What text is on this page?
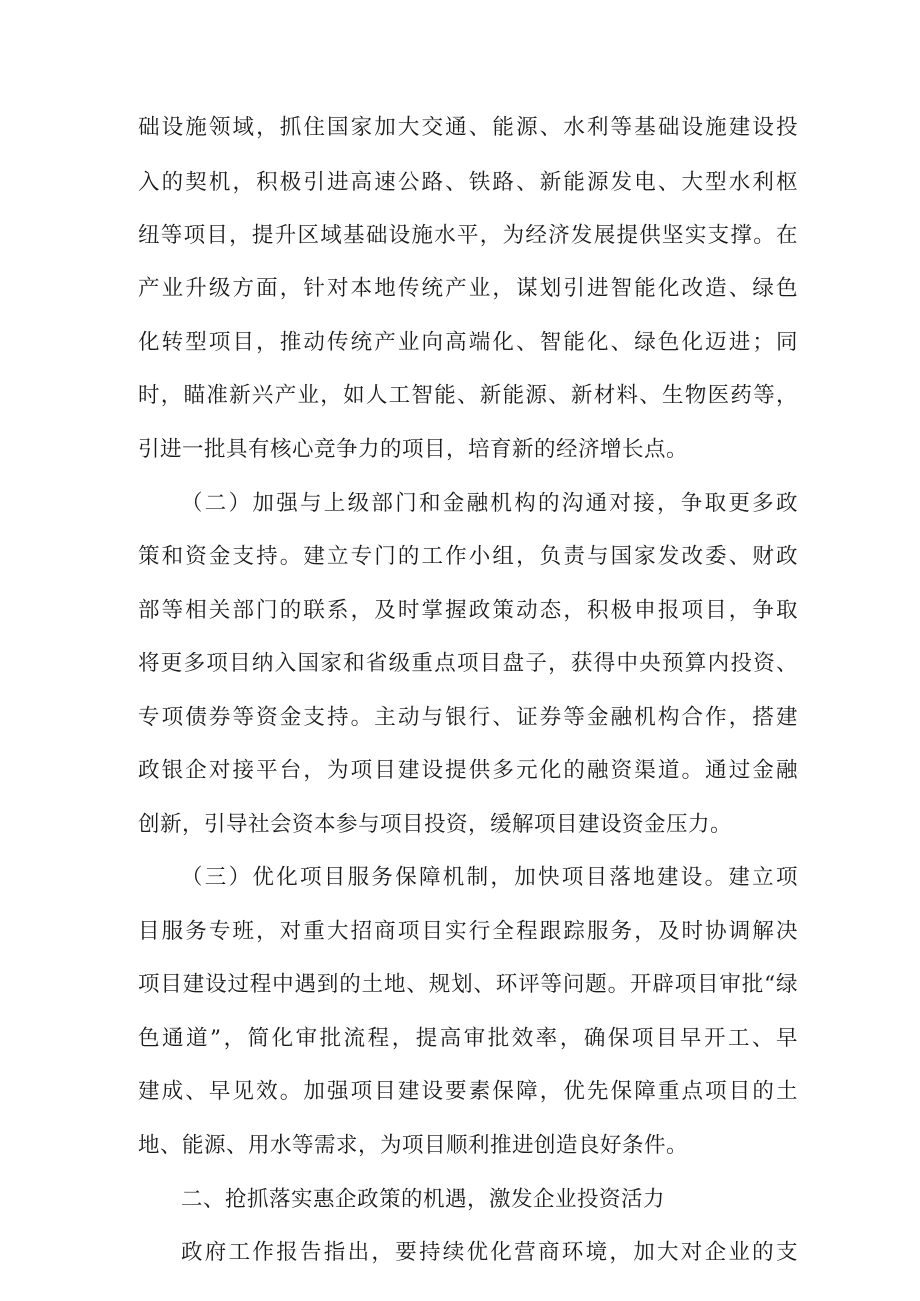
础设施领域，抓住国家加大交通、能源、水利等基础设施建设投
入的契机，积极引进高速公路、铁路、新能源发电、大型水利枢
纽等项目，提升区域基础设施水平，为经济发展提供坚实支撑。在
产业升级方面，针对本地传统产业，谋划引进智能化改造、绿色
化转型项目，推动传统产业向高端化、智能化、绿色化迈进；同
时，瞄准新兴产业，如人工智能、新能源、新材料、生物医药等，
引进一批具有核心竞争力的项目，培育新的经济增长点。
（二）加强与上级部门和金融机构的沟通对接，争取更多政
策和资金支持。建立专门的工作小组，负责与国家发改委、财政
部等相关部门的联系，及时掌握政策动态，积极申报项目，争取
将更多项目纳入国家和省级重点项目盘子，获得中央预算内投资、
专项债券等资金支持。主动与银行、证券等金融机构合作，搭建
政银企对接平台，为项目建设提供多元化的融资渠道。通过金融
创新，引导社会资本参与项目投资，缓解项目建设资金压力。
（三）优化项目服务保障机制，加快项目落地建设。建立项
目服务专班，对重大招商项目实行全程跟踪服务，及时协调解决
项目建设过程中遇到的土地、规划、环评等问题。开辟项目审批“绿
色通道”，简化审批流程，提高审批效率，确保项目早开工、早
建成、早见效。加强项目建设要素保障，优先保障重点项目的土
地、能源、用水等需求，为项目顺利推进创造良好条件。
二、抢抓落实惠企政策的机遇，激发企业投资活力
政府工作报告指出，要持续优化营商环境，加大对企业的支
